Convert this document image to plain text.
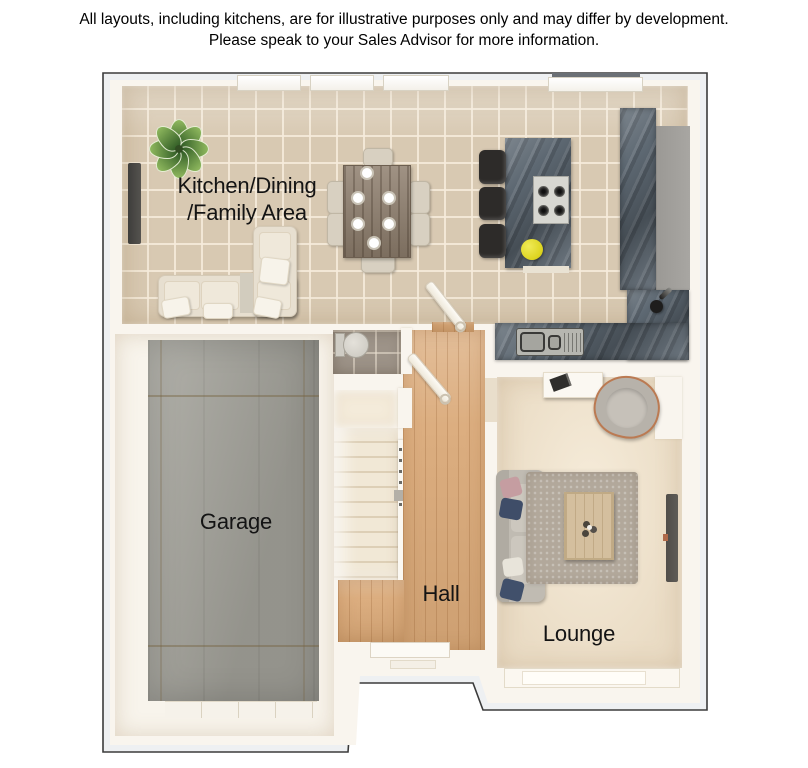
All layouts, including kitchens, are for illustrative purposes only and may differ by development.
Please speak to your Sales Advisor for more information.
Kitchen/Dining
/Family Area
Garage
Hall
Lounge
